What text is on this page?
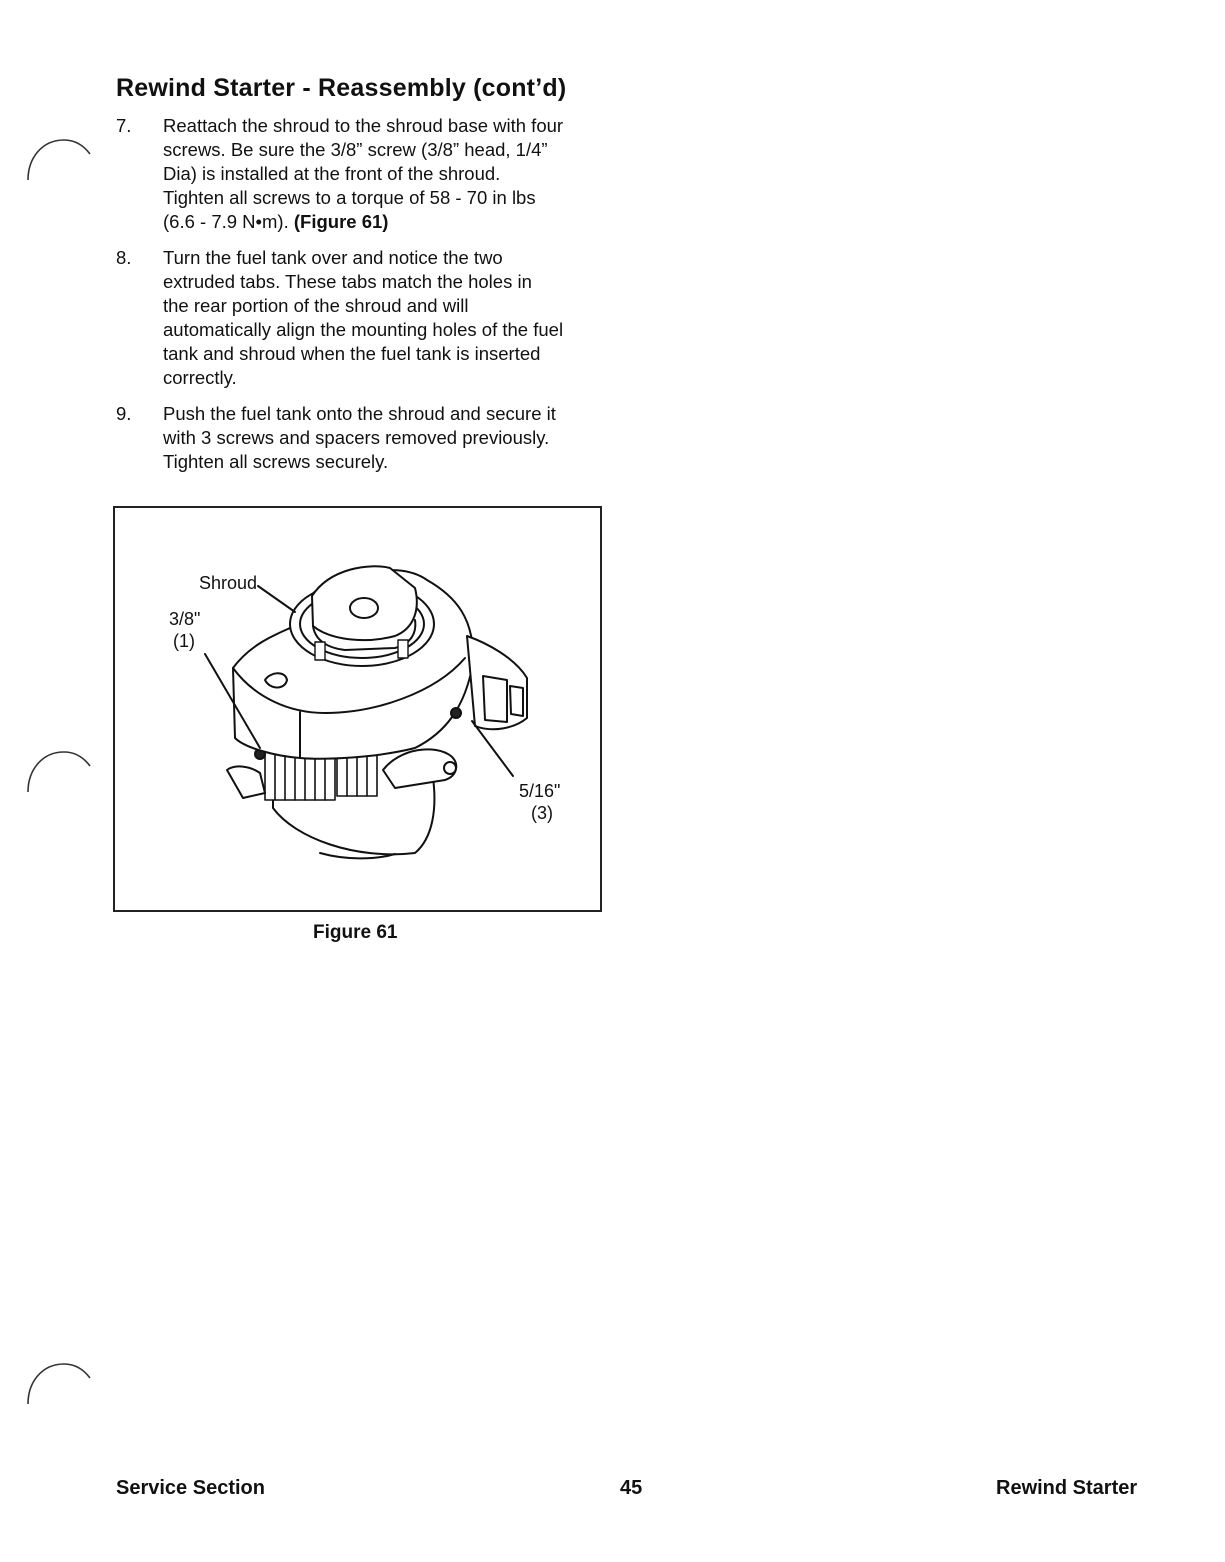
Rewind Starter - Reassembly (cont’d)
7.	Reattach the shroud to the shroud base with four
screws. Be sure the 3/8” screw (3/8” head, 1/4”
Dia) is installed at the front of the shroud.
Tighten all screws to a torque of 58 - 70 in lbs
(6.6 - 7.9 N•m). (Figure 61)
8.	Turn the fuel tank over and notice the two
extruded tabs. These tabs match the holes in
the rear portion of the shroud and will
automatically align the mounting holes of the fuel
tank and shroud when the fuel tank is inserted
correctly.
9.	Push the fuel tank onto the shroud and secure it
with 3 screws and spacers removed previously.
Tighten all screws securely.
Shroud
3/8"
(1)
5/16"
(3)
Figure 61
Service Section	45	Rewind Starter
